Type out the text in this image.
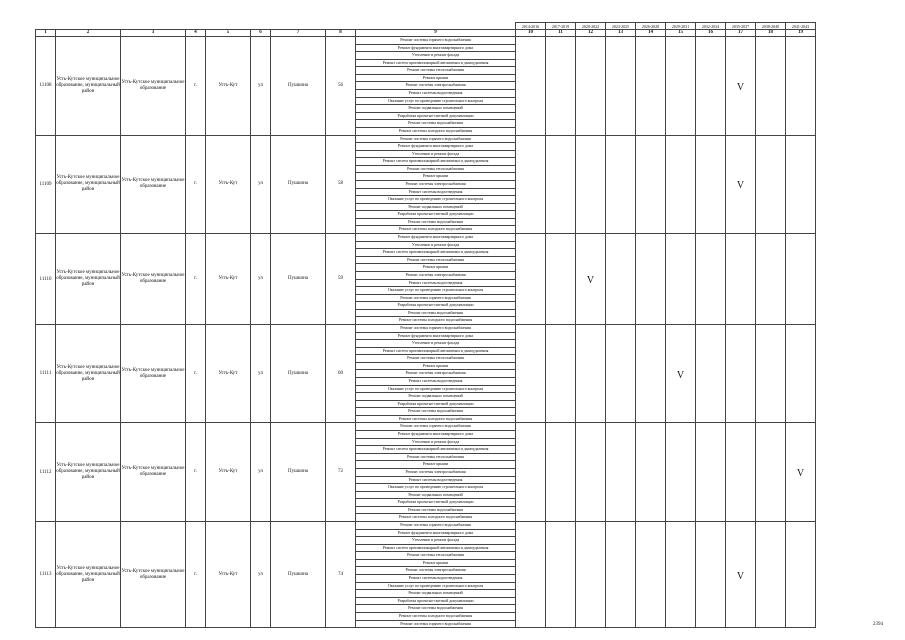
									2014-2016	2017-2019	2020-2022	2023-2025	2026-2028	2029-2031	2032-2034	2035-2037	2038-2040	2041-2043
1	2	3	4	5	6	7	8	9	10	11	12	13	14	15	16	17	18	19
11108	Усть-Кутское муниципальное образование, муниципальный район	Усть-Кутское муниципальное образование	г.	Усть-Кут	ул	Пушкина	56	Ремонт системы горячего водоснабжения								V		
								Ремонт фундамента многоквартирного дома										
								Утепление и ремонт фасада										
								Ремонт систем противопожарной автоматики и дымоудаления										
								Ремонт системы теплоснабжения										
								Ремонт крыши										
								Ремонт системы электроснабжения										
								Ремонт системы водоотведения										
								Оказание услуг по проведению строительного контроля										
								Ремонт подвальных помещений										
								Разработка проектно-сметной документации										
								Ремонт системы водоснабжения										
								Ремонт системы холодного водоснабжения										
11109	Усть-Кутское муниципальное образование, муниципальный район	Усть-Кутское муниципальное образование	г.	Усть-Кут	ул	Пушкина	58	Ремонт системы горячего водоснабжения								V		
								Ремонт фундамента многоквартирного дома										
								Утепление и ремонт фасада										
								Ремонт систем противопожарной автоматики и дымоудаления										
								Ремонт системы теплоснабжения										
								Ремонт крыши										
								Ремонт системы электроснабжения										
								Ремонт системы водоотведения										
								Оказание услуг по проведению строительного контроля										
								Ремонт подвальных помещений										
								Разработка проектно-сметной документации										
								Ремонт системы водоснабжения										
								Ремонт системы холодного водоснабжения										
11110	Усть-Кутское муниципальное образование, муниципальный район	Усть-Кутское муниципальное образование	г.	Усть-Кут	ул	Пушкина	59	Ремонт фундамента многоквартирного дома			V							
								Утепление и ремонт фасада										
								Ремонт систем противопожарной автоматики и дымоудаления										
								Ремонт системы теплоснабжения										
								Ремонт крыши										
								Ремонт системы электроснабжения										
								Ремонт системы водоотведения										
								Оказание услуг по проведению строительного контроля										
								Ремонт системы горячего водоснабжения										
								Разработка проектно-сметной документации										
								Ремонт системы водоснабжения										
								Ремонт системы холодного водоснабжения										
11111	Усть-Кутское муниципальное образование, муниципальный район	Усть-Кутское муниципальное образование	г.	Усть-Кут	ул	Пушкина	60	Ремонт системы горячего водоснабжения						V				
								Ремонт фундамента многоквартирного дома										
								Утепление и ремонт фасада										
								Ремонт систем противопожарной автоматики и дымоудаления										
								Ремонт системы теплоснабжения										
								Ремонт крыши										
								Ремонт системы электроснабжения										
								Ремонт системы водоотведения										
								Оказание услуг по проведению строительного контроля										
								Ремонт подвальных помещений										
								Разработка проектно-сметной документации										
								Ремонт системы водоснабжения										
								Ремонт системы холодного водоснабжения										
11112	Усть-Кутское муниципальное образование, муниципальный район	Усть-Кутское муниципальное образование	г.	Усть-Кут	ул	Пушкина	72	Ремонт системы горячего водоснабжения										V
								Ремонт фундамента многоквартирного дома										
								Утепление и ремонт фасада										
								Ремонт систем противопожарной автоматики и дымоудаления										
								Ремонт системы теплоснабжения										
								Ремонт крыши										
								Ремонт системы электроснабжения										
								Ремонт системы водоотведения										
								Оказание услуг по проведению строительного контроля										
								Ремонт подвальных помещений										
								Разработка проектно-сметной документации										
								Ремонт системы водоснабжения										
								Ремонт системы холодного водоснабжения										
11113	Усть-Кутское муниципальное образование, муниципальный район	Усть-Кутское муниципальное образование	г.	Усть-Кут	ул	Пушкина	74	Ремонт системы горячего водоснабжения								V		
								Ремонт фундамента многоквартирного дома										
								Утепление и ремонт фасада										
								Ремонт систем противопожарной автоматики и дымоудаления										
								Ремонт системы теплоснабжения										
								Ремонт крыши										
								Ремонт системы электроснабжения										
								Ремонт системы водоотведения										
								Оказание услуг по проведению строительного контроля										
								Ремонт подвальных помещений										
								Разработка проектно-сметной документации										
								Ремонт системы водоснабжения										
								Ремонт системы холодного водоснабжения										
								Ремонт системы горячего водоснабжения											2394
